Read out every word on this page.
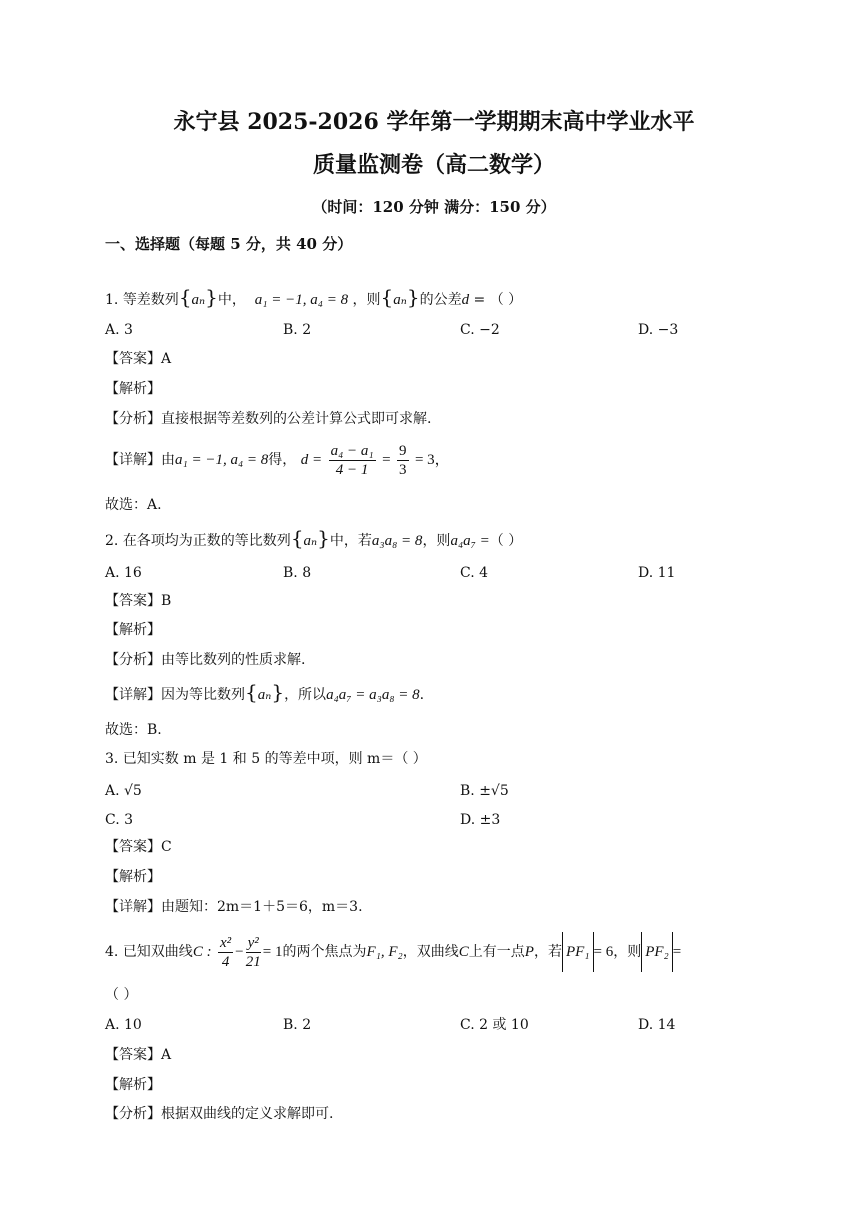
永宁县 2025-2026 学年第一学期期末高中学业水平
质量监测卷（高二数学）
（时间：120 分钟 满分：150 分）
一、选择题（每题 5 分，共 40 分）
1. 等差数列{aₙ}中， a₁ = −1, a₄ = 8 ，则{aₙ}的公差d = （ ）
A. 3	B. 2	C. −2	D. −3
【答案】A
【解析】
【分析】直接根据等差数列的公差计算公式即可求解.
【详解】由a₁ = −1, a₄ = 8得， $d = \frac{\text{a₄ − a₁}}{4 - 1} = \frac{9}{3} = 3$，
故选：A.
2. 在各项均为正数的等比数列{aₙ}中，若a₃a₈ = 8，则a₄a₇ =（ ）
A. 16	B. 8	C. 4	D. 11
【答案】B
【解析】
【分析】由等比数列的性质求解.
【详解】因为等比数列{aₙ}，所以a₄a₇ = a₃a₈ = 8.
故选：B.
3. 已知实数 m 是 1 和 5 的等差中项，则 m＝（ ）
A. √5	B. ±√5
C. 3	D. ±3
【答案】C
【解析】
【详解】由题知：2m＝1＋5＝6，m＝3.
4. 已知双曲线C : $\frac{\text{x²}}{4} - \frac{\text{y²}}{21} = 1$的两个焦点为F₁, F₂，双曲线C上有一点P，若 PF₁ = 6，则 PF₂ =
（ ）
A. 10	B. 2	C. 2 或 10	D. 14
【答案】A
【解析】
【分析】根据双曲线的定义求解即可.
